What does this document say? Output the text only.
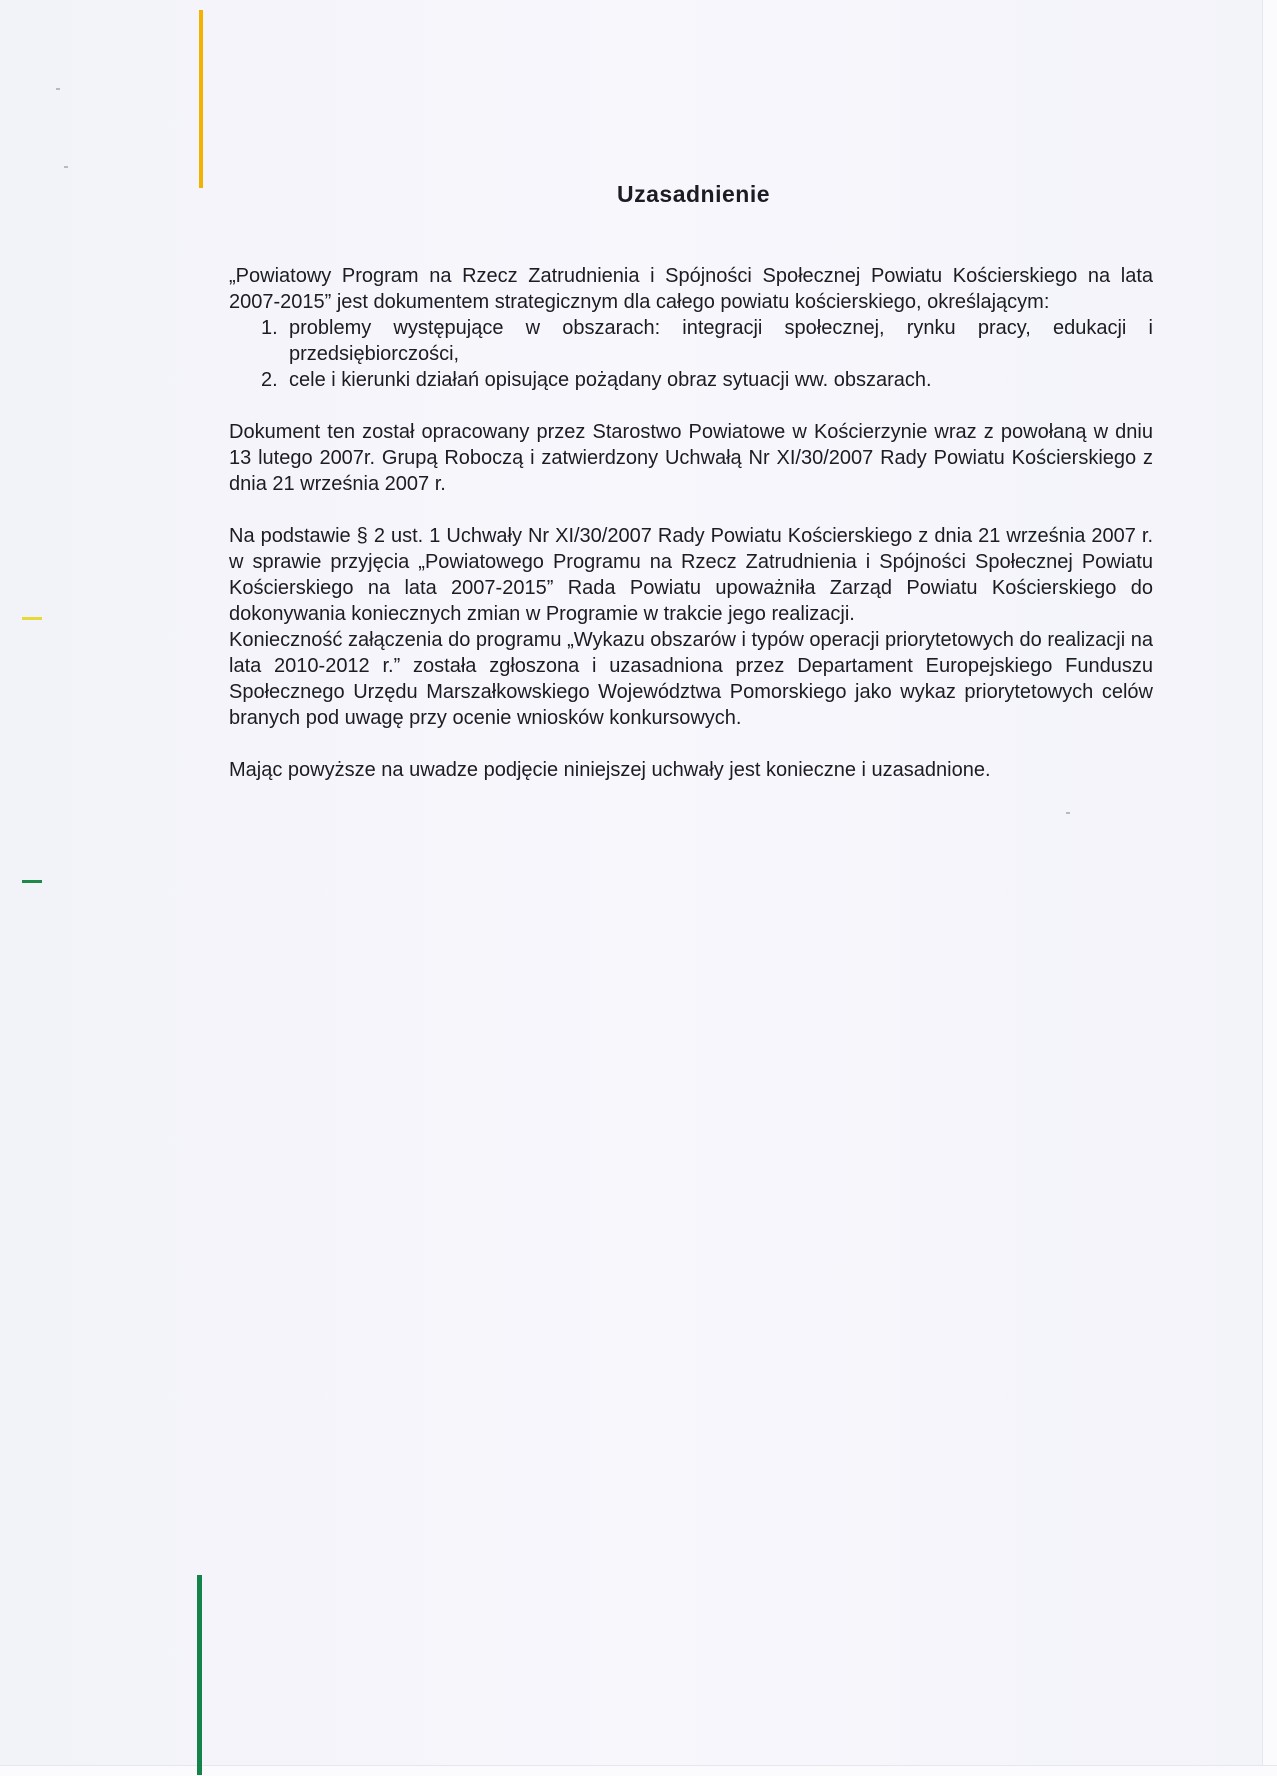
Uzasadnienie

„Powiatowy Program na Rzecz Zatrudnienia i Spójności Społecznej Powiatu Kościerskiego na lata 2007-2015” jest dokumentem strategicznym dla całego powiatu kościerskiego, określającym:

1. problemy występujące w obszarach: integracji społecznej, rynku pracy, edukacji i przedsiębiorczości,
2. cele i kierunki działań opisujące pożądany obraz sytuacji ww. obszarach.

Dokument ten został opracowany przez Starostwo Powiatowe w Kościerzynie wraz z powołaną w dniu 13 lutego 2007r. Grupą Roboczą i zatwierdzony Uchwałą Nr XI/30/2007 Rady Powiatu Kościerskiego z dnia 21 września 2007 r.

Na podstawie § 2 ust. 1 Uchwały Nr XI/30/2007 Rady Powiatu Kościerskiego z dnia 21 września 2007 r. w sprawie przyjęcia „Powiatowego Programu na Rzecz Zatrudnienia i Spójności Społecznej Powiatu Kościerskiego na lata 2007-2015” Rada Powiatu upoważniła Zarząd Powiatu Kościerskiego do dokonywania koniecznych zmian w Programie w trakcie jego realizacji.

Konieczność załączenia do programu „Wykazu obszarów i typów operacji priorytetowych do realizacji na lata 2010-2012 r.” została zgłoszona i uzasadniona przez Departament Europejskiego Funduszu Społecznego Urzędu Marszałkowskiego Województwa Pomorskiego jako wykaz priorytetowych celów branych pod uwagę przy ocenie wniosków konkursowych.

Mając powyższe na uwadze podjęcie niniejszej uchwały jest konieczne i uzasadnione.
